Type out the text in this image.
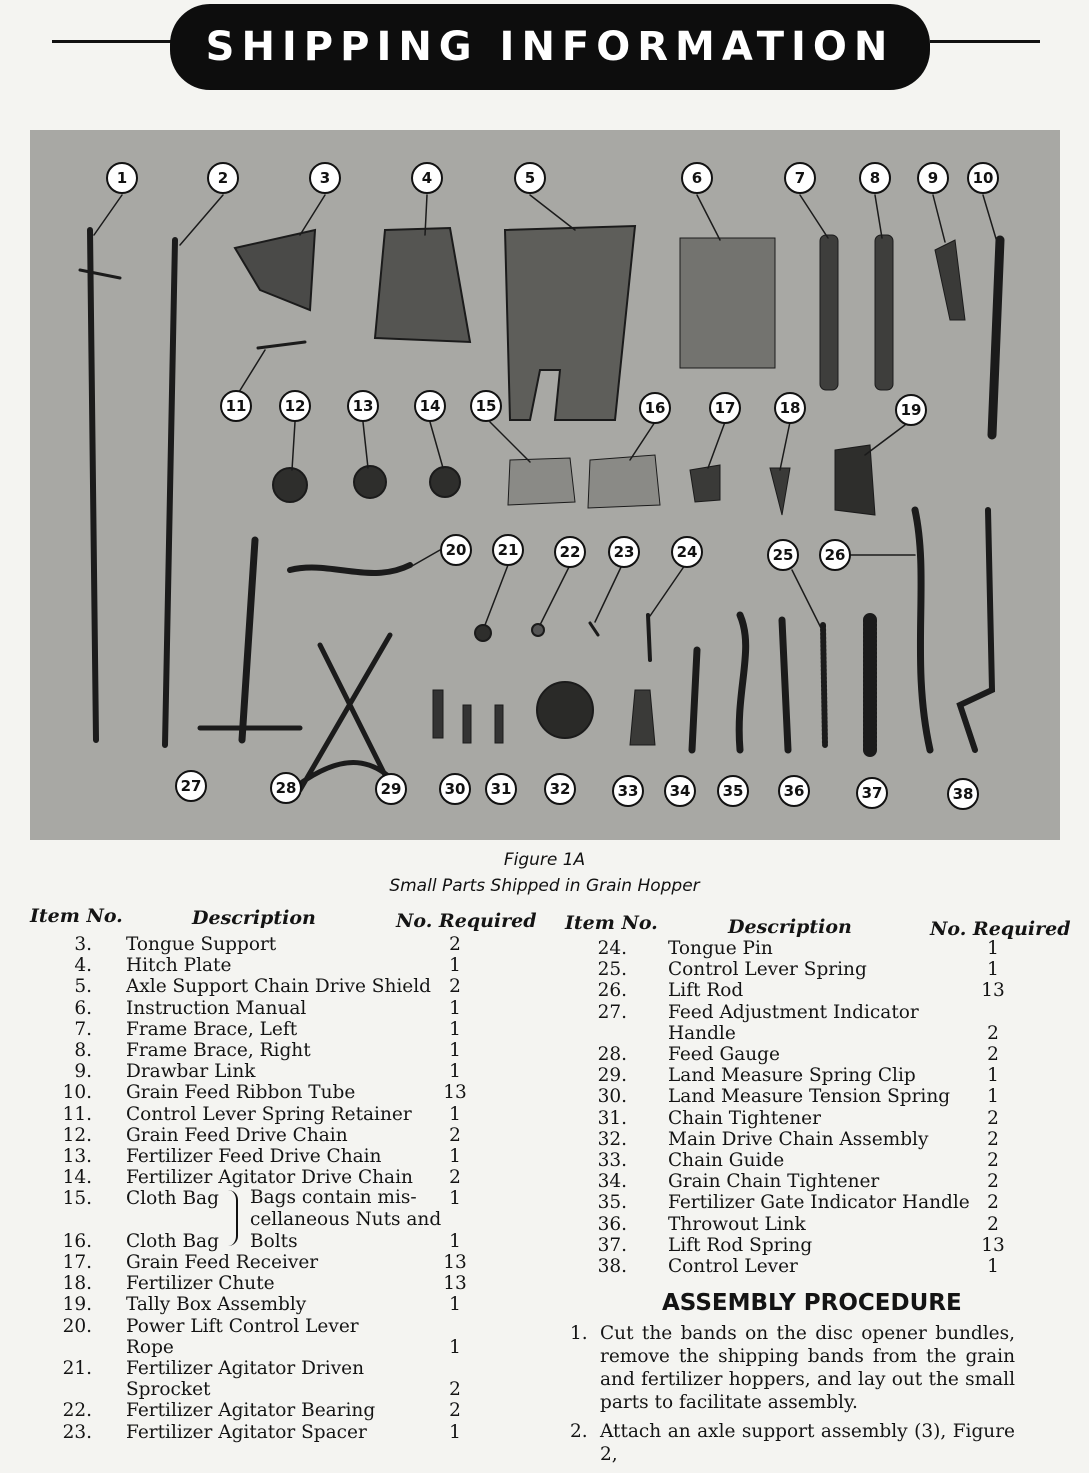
SHIPPING INFORMATION
1	2	3	4	5	6	7	8	9	10
11	12	13	14	15	16	17	18	19
20	21	22	23	24	25	26
27	28	29	30	31	32	33	34	35	36	37	38
Figure 1A
Small Parts Shipped in Grain Hopper
Item No.	Description	No. Required Item No.	Description	No. Required
3. Tongue Support	2
4. Hitch Plate	1
5. Axle Support Chain Drive Shield 2
6. Instruction Manual	1
7. Frame Brace, Left	1
8. Frame Brace, Right	1
9. Drawbar Link	1
10. Grain Feed Ribbon Tube	13
11. Control Lever Spring Retainer	1
12. Grain Feed Drive Chain	2
13. Fertilizer Feed Drive Chain	1
14. Fertilizer Agitator Drive Chain	2
15. Cloth Bag	1
16. Cloth Bag	1
17. Grain Feed Receiver	13
18. Fertilizer Chute	13
19. Tally Box Assembly	1
20. Power Lift Control Lever
Rope	1
21. Fertilizer Agitator Driven
Sprocket	2
22. Fertilizer Agitator Bearing	2
23. Fertilizer Agitator Spacer	1
Bags contain mis-
cellaneous Nuts and
Bolts
24. Tongue Pin	1
25. Control Lever Spring	1
26. Lift Rod	13
27. Feed Adjustment Indicator
Handle	2
28. Feed Gauge	2
29. Land Measure Spring Clip	1
30. Land Measure Tension Spring	1
31. Chain Tightener	2
32. Main Drive Chain Assembly	2
33. Chain Guide	2
34. Grain Chain Tightener	2
35. Fertilizer Gate Indicator Handle 2
36. Throwout Link	2
37. Lift Rod Spring	13
38. Control Lever	1
ASSEMBLY PROCEDURE
1. Cut the bands on the disc opener bundles, remove the shipping bands from the grain and fertilizer hoppers, and lay out the small parts to facilitate assembly.
2. Attach an axle support assembly (3), Figure 2,
